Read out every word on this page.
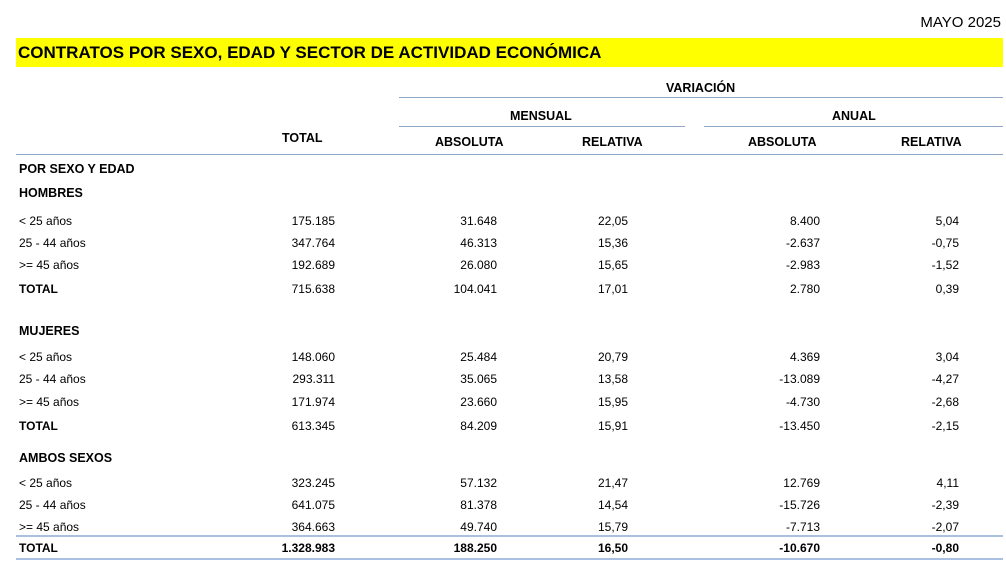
MAYO 2025
CONTRATOS POR SEXO, EDAD Y SECTOR DE ACTIVIDAD ECONÓMICA
VARIACIÓN
MENSUAL	ANUAL
TOTAL	ABSOLUTA	RELATIVA	ABSOLUTA	RELATIVA
POR SEXO Y EDAD
HOMBRES
< 25 años	175.185	31.648	22,05	8.400	5,04
25 - 44 años	347.764	46.313	15,36	-2.637	-0,75
>= 45 años	192.689	26.080	15,65	-2.983	-1,52
TOTAL	715.638	104.041	17,01	2.780	0,39
MUJERES
< 25 años	148.060	25.484	20,79	4.369	3,04
25 - 44 años	293.311	35.065	13,58	-13.089	-4,27
>= 45 años	171.974	23.660	15,95	-4.730	-2,68
TOTAL	613.345	84.209	15,91	-13.450	-2,15
AMBOS SEXOS
< 25 años	323.245	57.132	21,47	12.769	4,11
25 - 44 años	641.075	81.378	14,54	-15.726	-2,39
>= 45 años	364.663	49.740	15,79	-7.713	-2,07
TOTAL	1.328.983	188.250	16,50	-10.670	-0,80
